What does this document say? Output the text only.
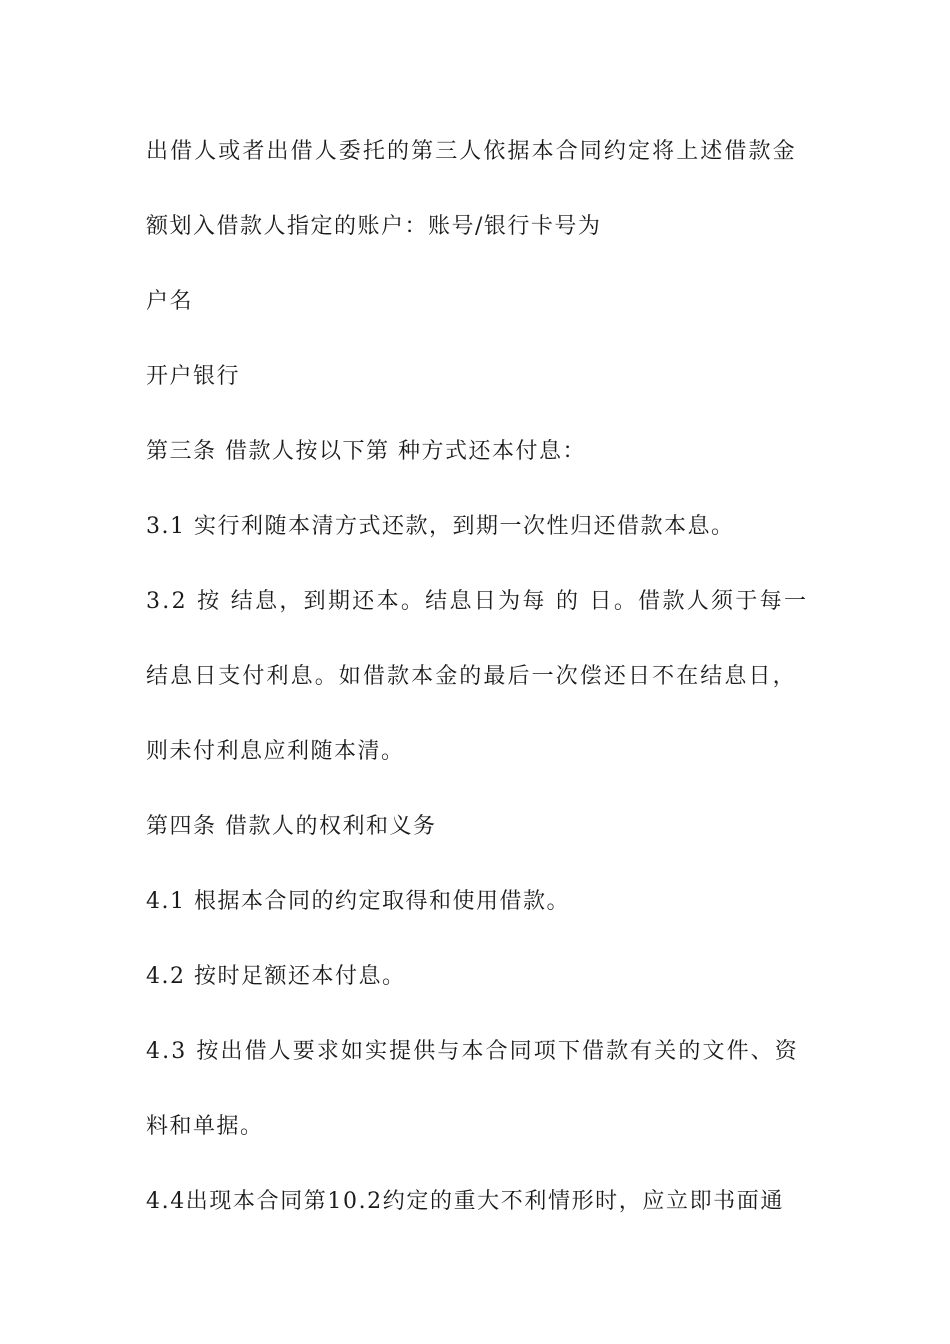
出借人或者出借人委托的第三人依据本合同约定将上述借款金
额划入借款人指定的账户：账号/银行卡号为
户名
开户银行
第三条 借款人按以下第 种方式还本付息：
3.1 实行利随本清方式还款，到期一次性归还借款本息。
3.2 按 结息，到期还本。结息日为每 的 日。借款人须于每一
结息日支付利息。如借款本金的最后一次偿还日不在结息日，
则未付利息应利随本清。
第四条 借款人的权利和义务
4.1 根据本合同的约定取得和使用借款。
4.2 按时足额还本付息。
4.3 按出借人要求如实提供与本合同项下借款有关的文件、资
料和单据。
4.4出现本合同第10.2约定的重大不利情形时，应立即书面通
